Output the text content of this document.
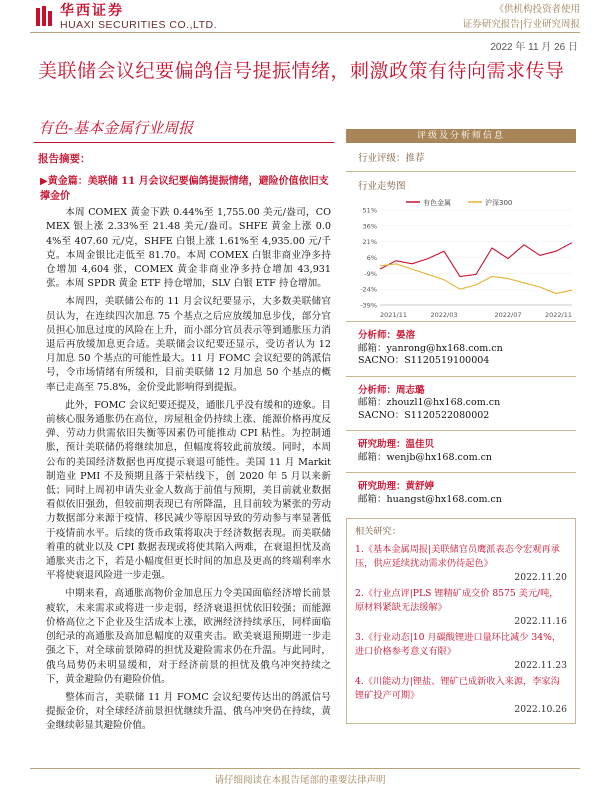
华西证券
HUAXI SECURITIES CO.,LTD.
《供机构投资者使用
证券研究报告|行业研究周报
2022 年 11 月 26 日
美联储会议纪要偏鸽信号提振情绪，刺激政策有待向需求传导
有色-基本金属行业周报
报告摘要：
▶黄金篇：美联储 11 月会议纪要偏鸽提振情绪，避险价值依旧支撑金价

本周 COMEX 黄金下跌 0.44%至 1,755.00 美元/盎司，COMEX 银上涨 2.33%至 21.48 美元/盎司。SHFE 黄金上涨 0.04%至 407.60 元/克，SHFE 白银上涨 1.61%至 4,935.00 元/千克。本周金银比走低至 81.70。本周 COMEX 白银非商业净多持仓增加 4,604 张，COMEX 黄金非商业净多持仓增加 43,931 张。本周 SPDR 黄金 ETF 持仓增加，SLV 白银 ETF 持仓增加。

本周四，美联储公布的 11 月会议纪要显示，大多数美联储官员认为，在连续四次加息 75 个基点之后应放缓加息步伐，部分官员担心加息过度的风险在上升，而小部分官员表示等到通胀压力消退后再放缓加息更合适。美联储会议纪要还显示，受访者认为 12 月加息 50 个基点的可能性最大。11 月 FOMC 会议纪要的鸽派信号，令市场情绪有所缓和，目前美联储 12 月加息 50 个基点的概率已走高至 75.8%，金价受此影响得到提振。

此外，FOMC 会议纪要还提及，通胀几乎没有缓和的迹象。目前核心服务通胀仍在高位，房屋租金仍持续上涨、能源价格再度反弹、劳动力供需依旧失衡等因素仍可能推动 CPI 粘性。为控制通胀，预计美联储仍将继续加息，但幅度将较此前放缓。同时，本周公布的美国经济数据也再度提示衰退可能性。美国 11 月 Markit 制造业 PMI 不及预期且落于荣枯线下，创 2020 年 5 月以来新低；同时上周初申请失业金人数高于前值与预期，美目前就业数据看似依旧强劲，但较前期表现已有所降温，且目前较为紧张的劳动力数据部分来源于疫情、移民减少等原因导致的劳动参与率显著低于疫情前水平。后续的货币政策将取决于经济数据表现。而美联储着重的就业以及 CPI 数据表现或将使其陷入两难，在衰退担忧及高通胀夹击之下，若是小幅度但更长时间的加息及更高的终端利率水平将使衰退风险进一步走强。

中期来看，高通胀高物价金加息压力令美国面临经济增长前景疲软，未来需求或将进一步走弱，经济衰退担忧依旧较强；而能源价格高位之下企业及生活成本上涨，欧洲经济持续承压，同样面临创纪录的高通胀及高加息幅度的双重夹击。欧美衰退预期进一步走强之下，对全球前景障碍的担忧及避险需求仍在升温。与此同时，俄乌局势仍未明显缓和，对于经济前景的担忧及俄乌冲突持续之下，黄金避险仍有避险价值。

整体而言，美联储 11 月 FOMC 会议纪要传达出的鸽派信号提振金价，对全球经济前景担忧继续升温、俄乌冲突仍在持续，黄金继续彰显其避险价值。

评级及分析师信息
行业评级：推荐
行业走势图
有色金属	沪深300
51%
36%
21%
6%
-9%
-24%
-39%
2021/11	2022/03	2022/07	2022/11
分析师：晏溶
邮箱：yanrong@hx168.com.cn
SACNO：S1120519100004
分析师：周志璐
邮箱：zhouzl1@hx168.com.cn
SACNO：S1120522080002
研究助理：温佳贝
邮箱：wenjb@hx168.com.cn
研究助理：黄舒婷
邮箱：huangst@hx168.com.cn
相关研究：
1.《基本金属周报|美联储官员鹰派表态令宏观再承压，供应延续扰动需求仍待起色》
2022.11.20
2.《行业点评|PLS 锂精矿成交价 8575 美元/吨，原材料紧缺无法缓解》
2022.11.16
3.《行业动态|10 月碳酸锂进口量环比减少 34%，进口价格参考意义有限》
2022.11.23
4.《川能动力|锂盐、锂矿已成新收入来源，李家沟锂矿投产可期》
2022.10.26
请仔细阅读在本报告尾部的重要法律声明
